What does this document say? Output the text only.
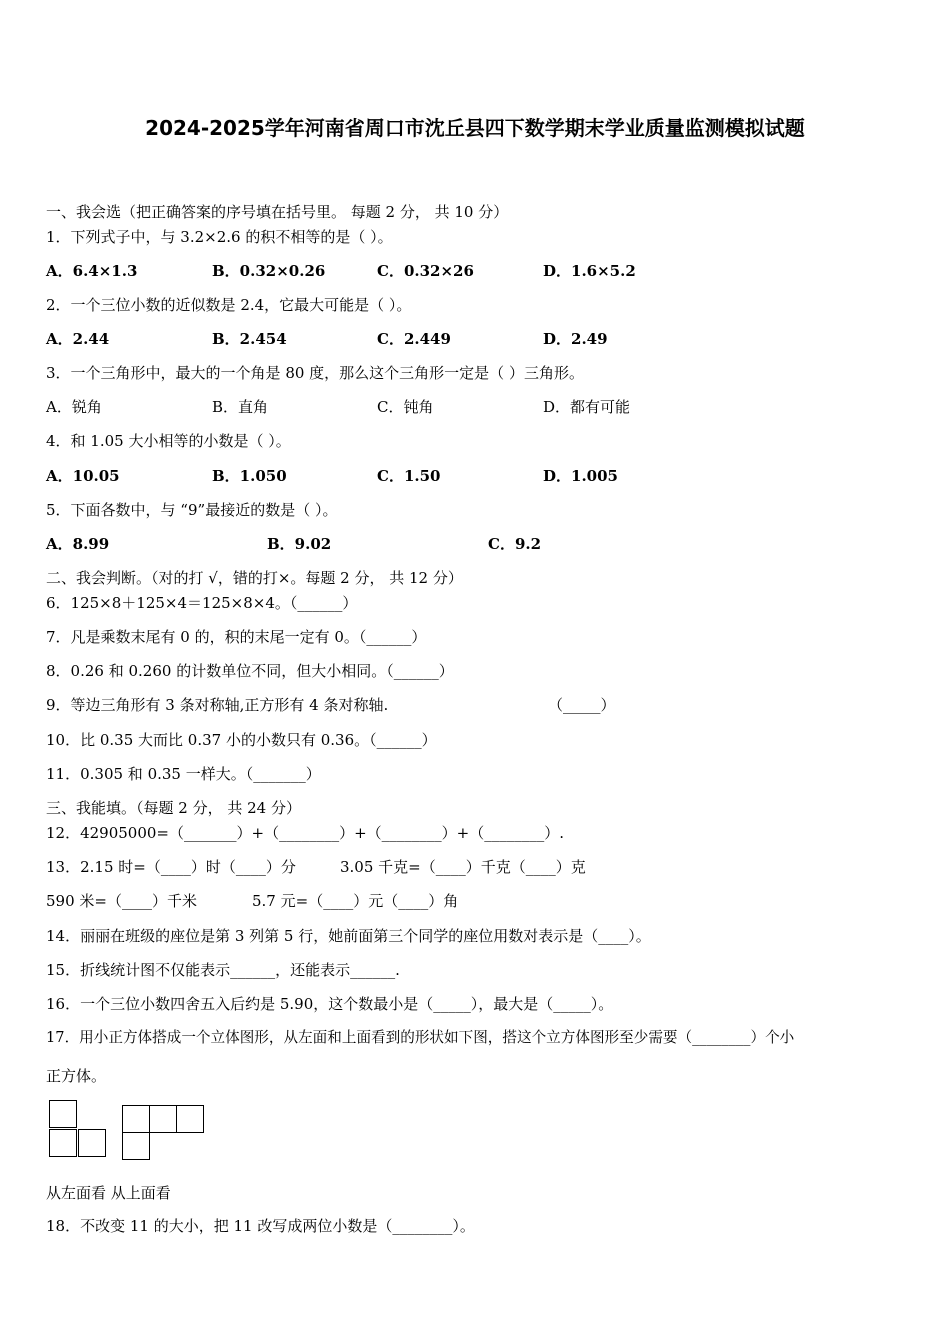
2024-2025学年河南省周口市沈丘县四下数学期末学业质量监测模拟试题
一、我会选（把正确答案的序号填在括号里。 每题 2 分， 共 10 分）
1．下列式子中，与 3.2×2.6 的积不相等的是（ ）。
A．6.4×1.3	B．0.32×0.26	C．0.32×26	D．1.6×5.2
2．一个三位小数的近似数是 2.4，它最大可能是（ ）。
A．2.44	B．2.454	C．2.449	D．2.49
3．一个三角形中，最大的一个角是 80 度，那么这个三角形一定是（ ）三角形。
A．锐角	B．直角	C．钝角	D．都有可能
4．和 1.05 大小相等的小数是（ ）。
A．10.05	B．1.050	C．1.50	D．1.005
5．下面各数中，与 “9”最接近的数是（ ）。
A．8.99	B．9.02	C．9.2
二、我会判断。（对的打 √，错的打×。每题 2 分， 共 12 分）
6．125×8＋125×4＝125×8×4。（______）
7．凡是乘数末尾有 0 的，积的末尾一定有 0。（______）
8．0.26 和 0.260 的计数单位不同，但大小相同。（______）
9．等边三角形有 3 条对称轴,正方形有 4 条对称轴.	（_____）
10．比 0.35 大而比 0.37 小的小数只有 0.36。（______）
11．0.305 和 0.35 一样大。（_______）
三、我能填。（每题 2 分， 共 24 分）
12．42905000=（_______）+（________）+（________）+（________）.
13．2.15 时=（____）时（____）分	3.05 千克=（____）千克（____）克
590 米=（____）千米	5.7 元=（____）元（____）角
14．丽丽在班级的座位是第 3 列第 5 行，她前面第三个同学的座位用数对表示是（____）。
15．折线统计图不仅能表示______，还能表示______.
16．一个三位小数四舍五入后约是 5.90，这个数最小是（_____），最大是（_____）。
17．用小正方体搭成一个立体图形，从左面和上面看到的形状如下图，搭这个立方体图形至少需要（________）个小
正方体。
从左面看 从上面看
18．不改变 11 的大小，把 11 改写成两位小数是（________）。
